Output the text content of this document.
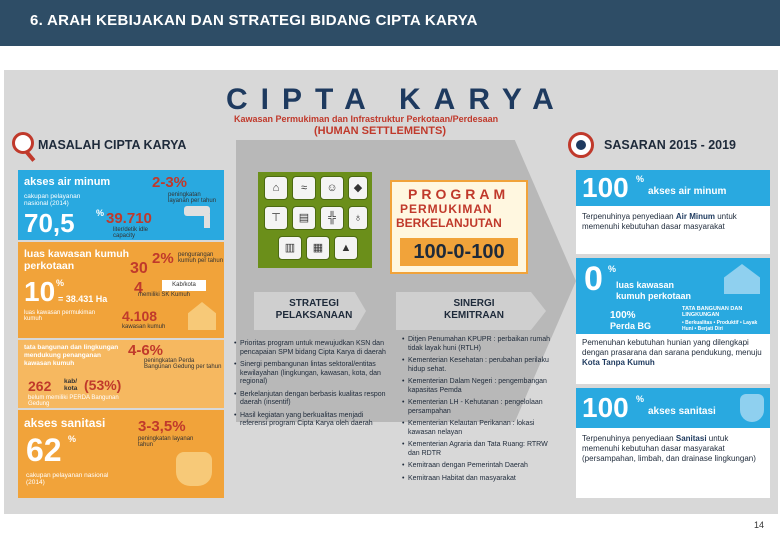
6. ARAH KEBIJAKAN DAN STRATEGI BIDANG CIPTA KARYA
CIPTA KARYA
Kawasan Permukiman dan Infrastruktur Perkotaan/Perdesaan
(HUMAN SETTLEMENTS)
MASALAH CIPTA KARYA
akses air minum	2-3%
peningkatan layanan per tahun
cakupan pelayanan nasional (2014)
70,5 % 39.710
liter/detik idle capacity
luas kawasan kumuh perkotaan	30
2% pengurangan kumuh per tahun
Kab/kota
4
memiliki SK Kumuh
10 %
= 38.431 Ha
luas kawasan permukiman kumuh	4.108
kawasan kumuh
tata bangunan dan lingkungan mendukung penanganan kawasan kumuh
4-6%
peningkatan Perda Bangunan Gedung per tahun
262 kab/ kota (53%)
belum memiliki PERDA Bangunan Gedung
akses sanitasi 3-3,5%
peningkatan layanan tahun
62 %
cakupan pelayanan nasional (2014)
⌂	≈	☺	◆
⊤	▤	╬	♁
▥	▦	▲
PROGRAM
PERMUKIMAN
BERKELANJUTAN
100-0-100
STRATEGI PELAKSANAAN
SINERGI KEMITRAAN
• Prioritas program untuk mewujudkan KSN dan pencapaian SPM bidang Cipta Karya di daerah
• Sinergi pembangunan lintas sektoral/entitas kewilayahan (lingkungan, kawasan, kota, dan regional)
• Berkelanjutan dengan berbasis kualitas respon daerah (insentif)
• Hasil kegiatan yang berkualitas menjadi referensi program Cipta Karya oleh daerah
• Ditjen Penumahan KPUPR : perbaikan rumah tidak layak huni (RTLH)
• Kementerian Kesehatan : perubahan perilaku hidup sehat.
• Kementerian Dalam Negeri : pengembangan kapasitas Pemda
• Kementerian LH - Kehutanan : pengelolaan persampahan
• Kementerian Kelautan Perikanan : lokasi kawasan nelayan
• Kementerian Agraria dan Tata Ruang: RTRW dan RDTR
• Kemitraan dengan Pemerintah Daerah
• Kemitraan Habitat dan masyarakat
SASARAN 2015 - 2019
100 %
akses air minum
Terpenuhinya penyediaan Air Minum untuk memenuhi kebutuhan dasar masyarakat
0 %
luas kawasan kumuh perkotaan
100%
Perda BG
TATA BANGUNAN DAN LINGKUNGAN
• Berkualitas • Produktif • Layak Huni • Berjati Diri
Pemenuhan kebutuhan hunian yang dilengkapi dengan prasarana dan sarana pendukung, menuju Kota Tanpa Kumuh
100 %
akses sanitasi
Terpenuhinya penyediaan Sanitasi untuk memenuhi kebutuhan dasar masyarakat (persampahan, limbah, dan drainase lingkungan)
14
